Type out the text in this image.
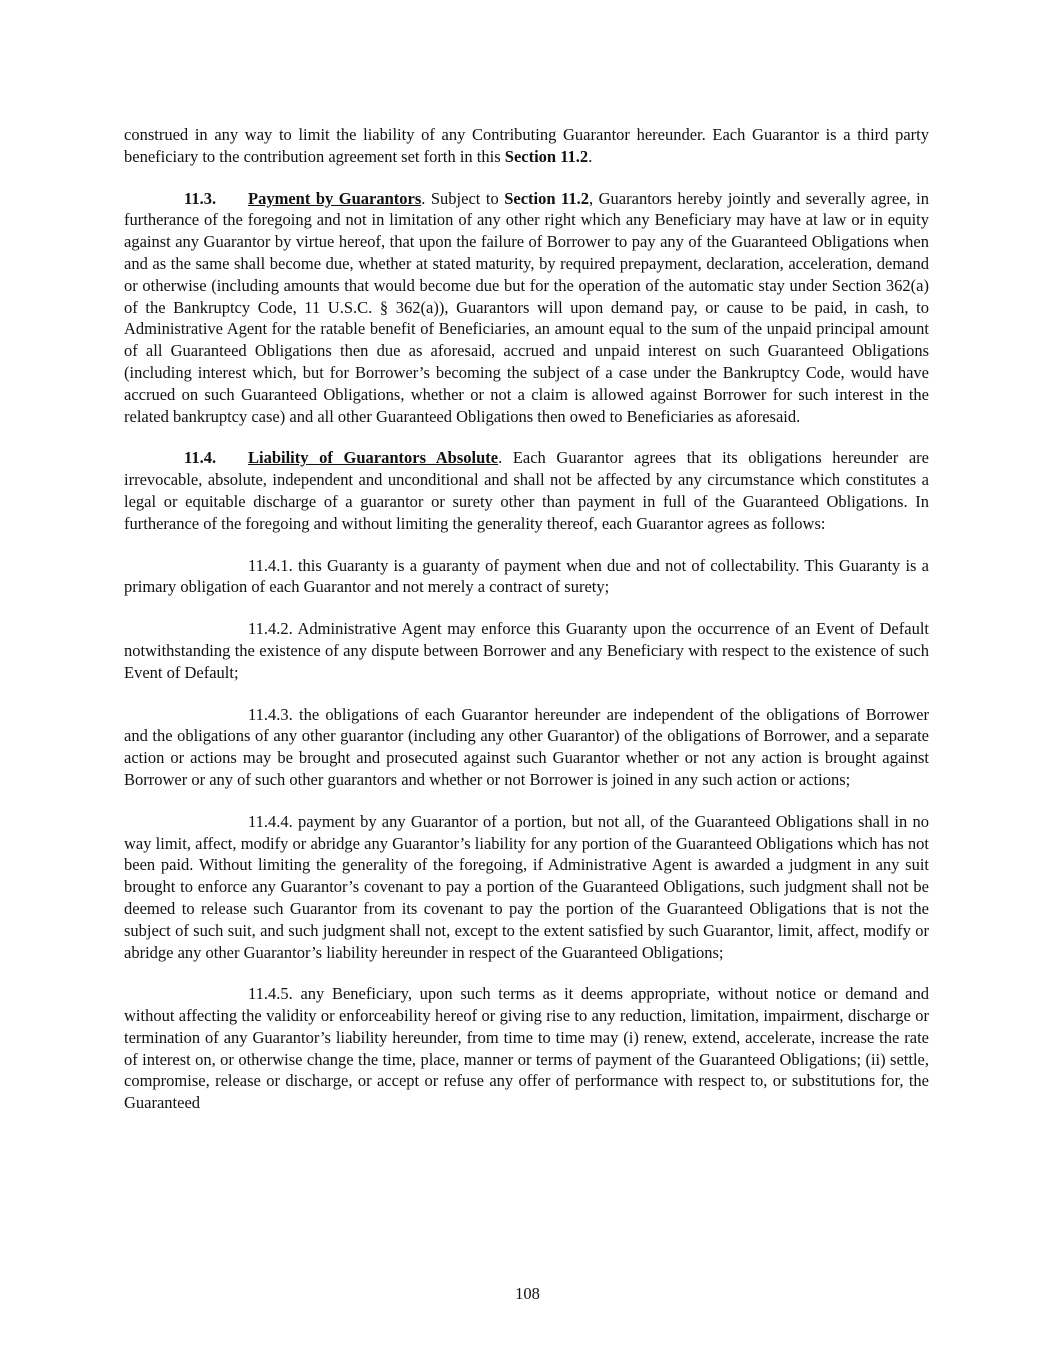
construed in any way to limit the liability of any Contributing Guarantor hereunder. Each Guarantor is a third party beneficiary to the contribution agreement set forth in this Section 11.2.

11.3. Payment by Guarantors. Subject to Section 11.2, Guarantors hereby jointly and severally agree, in furtherance of the foregoing and not in limitation of any other right which any Beneficiary may have at law or in equity against any Guarantor by virtue hereof, that upon the failure of Borrower to pay any of the Guaranteed Obligations when and as the same shall become due, whether at stated maturity, by required prepayment, declaration, acceleration, demand or otherwise (including amounts that would become due but for the operation of the automatic stay under Section 362(a) of the Bankruptcy Code, 11 U.S.C. § 362(a)), Guarantors will upon demand pay, or cause to be paid, in cash, to Administrative Agent for the ratable benefit of Beneficiaries, an amount equal to the sum of the unpaid principal amount of all Guaranteed Obligations then due as aforesaid, accrued and unpaid interest on such Guaranteed Obligations (including interest which, but for Borrower’s becoming the subject of a case under the Bankruptcy Code, would have accrued on such Guaranteed Obligations, whether or not a claim is allowed against Borrower for such interest in the related bankruptcy case) and all other Guaranteed Obligations then owed to Beneficiaries as aforesaid.

11.4. Liability of Guarantors Absolute. Each Guarantor agrees that its obligations hereunder are irrevocable, absolute, independent and unconditional and shall not be affected by any circumstance which constitutes a legal or equitable discharge of a guarantor or surety other than payment in full of the Guaranteed Obligations. In furtherance of the foregoing and without limiting the generality thereof, each Guarantor agrees as follows:

11.4.1. this Guaranty is a guaranty of payment when due and not of collectability. This Guaranty is a primary obligation of each Guarantor and not merely a contract of surety;

11.4.2. Administrative Agent may enforce this Guaranty upon the occurrence of an Event of Default notwithstanding the existence of any dispute between Borrower and any Beneficiary with respect to the existence of such Event of Default;

11.4.3. the obligations of each Guarantor hereunder are independent of the obligations of Borrower and the obligations of any other guarantor (including any other Guarantor) of the obligations of Borrower, and a separate action or actions may be brought and prosecuted against such Guarantor whether or not any action is brought against Borrower or any of such other guarantors and whether or not Borrower is joined in any such action or actions;

11.4.4. payment by any Guarantor of a portion, but not all, of the Guaranteed Obligations shall in no way limit, affect, modify or abridge any Guarantor’s liability for any portion of the Guaranteed Obligations which has not been paid. Without limiting the generality of the foregoing, if Administrative Agent is awarded a judgment in any suit brought to enforce any Guarantor’s covenant to pay a portion of the Guaranteed Obligations, such judgment shall not be deemed to release such Guarantor from its covenant to pay the portion of the Guaranteed Obligations that is not the subject of such suit, and such judgment shall not, except to the extent satisfied by such Guarantor, limit, affect, modify or abridge any other Guarantor’s liability hereunder in respect of the Guaranteed Obligations;

11.4.5. any Beneficiary, upon such terms as it deems appropriate, without notice or demand and without affecting the validity or enforceability hereof or giving rise to any reduction, limitation, impairment, discharge or termination of any Guarantor’s liability hereunder, from time to time may (i) renew, extend, accelerate, increase the rate of interest on, or otherwise change the time, place, manner or terms of payment of the Guaranteed Obligations; (ii) settle, compromise, release or discharge, or accept or refuse any offer of performance with respect to, or substitutions for, the Guaranteed

108
